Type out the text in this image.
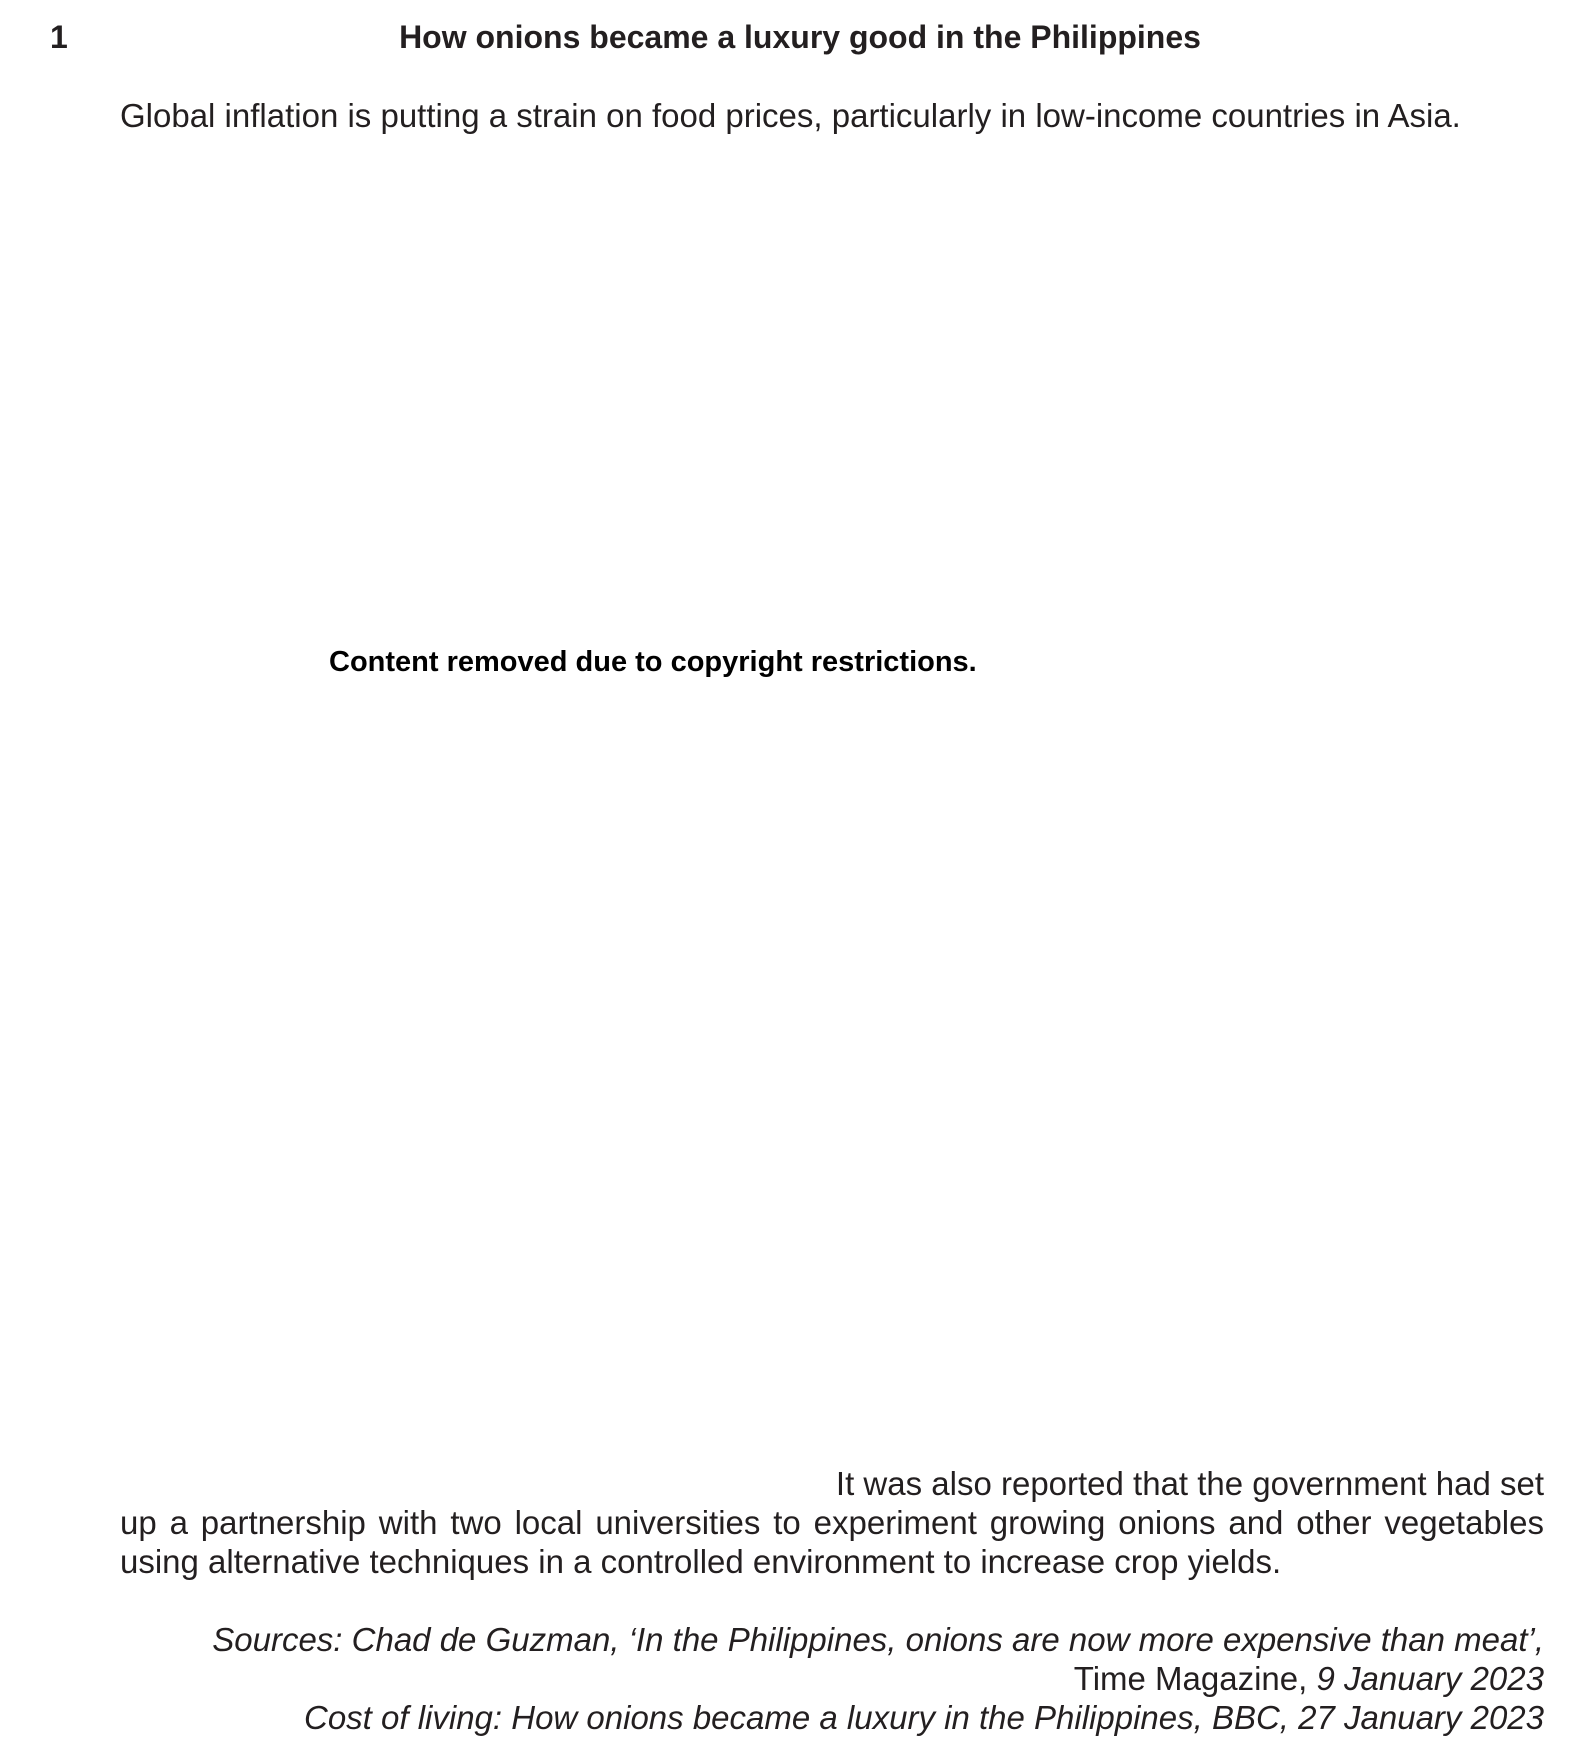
1	How onions became a luxury good in the Philippines
Global inflation is putting a strain on food prices, particularly in low-income countries in Asia.
Content removed due to copyright restrictions.
It was also reported that the government had set
up a partnership with two local universities to experiment growing onions and other vegetables
using alternative techniques in a controlled environment to increase crop yields.
Sources: Chad de Guzman, ‘In the Philippines, onions are now more expensive than meat’,
Time Magazine, 9 January 2023
Cost of living: How onions became a luxury in the Philippines, BBC, 27 January 2023
